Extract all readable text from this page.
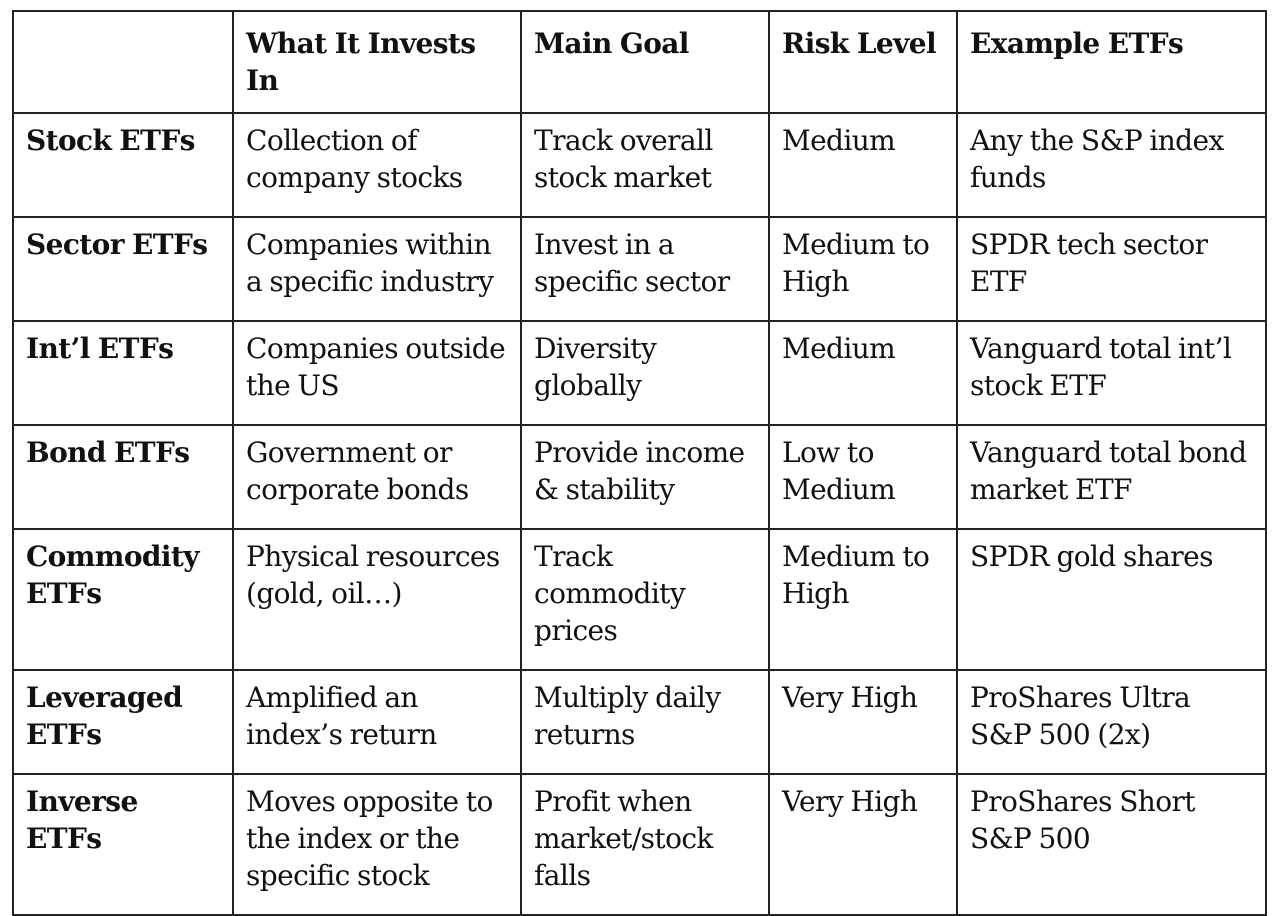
	What It Invests In	Main Goal	Risk Level	Example ETFs
Stock ETFs	Collection of company stocks	Track overall stock market	Medium	Any the S&P index funds
Sector ETFs	Companies within a specific industry	Invest in a specific sector	Medium to High	SPDR tech sector ETF
Int’l ETFs	Companies outside the US	Diversity globally	Medium	Vanguard total int’l stock ETF
Bond ETFs	Government or corporate bonds	Provide income & stability	Low to Medium	Vanguard total bond market ETF
Commodity ETFs	Physical resources (gold, oil…)	Track commodity prices	Medium to High	SPDR gold shares
Leveraged ETFs	Amplified an index’s return	Multiply daily returns	Very High	ProShares Ultra S&P 500 (2x)
Inverse ETFs	Moves opposite to the index or the specific stock	Profit when market/stock falls	Very High	ProShares Short S&P 500
